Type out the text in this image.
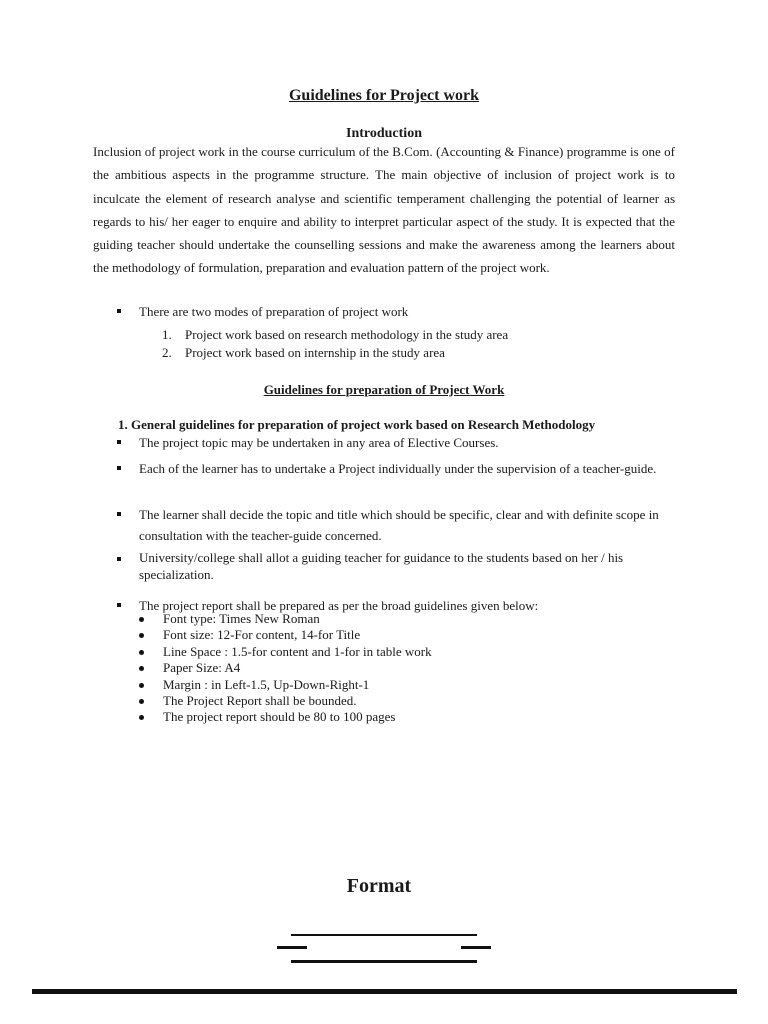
Guidelines for Project work
Introduction
Inclusion of project work in the course curriculum of the B.Com. (Accounting & Finance) programme is one of the ambitious aspects in the programme structure. The main objective of inclusion of project work is to inculcate the element of research analyse and scientific temperament challenging the potential of learner as regards to his/ her eager to enquire and ability to interpret particular aspect of the study. It is expected that the guiding teacher should undertake the counselling sessions and make the awareness among the learners about the methodology of formulation, preparation and evaluation pattern of the project work.
There are two modes of preparation of project work
1. Project work based on research methodology in the study area
2. Project work based on internship in the study area
Guidelines for preparation of Project Work
1. General guidelines for preparation of project work based on Research Methodology
The project topic may be undertaken in any area of Elective Courses.
Each of the learner has to undertake a Project individually under the supervision of a teacher-guide.
The learner shall decide the topic and title which should be specific, clear and with definite scope in consultation with the teacher-guide concerned.
University/college shall allot a guiding teacher for guidance to the students based on her / his specialization.
The project report shall be prepared as per the broad guidelines given below:
Font type: Times New Roman
Font size: 12-For content, 14-for Title
Line Space : 1.5-for content and 1-for in table work
Paper Size: A4
Margin : in Left-1.5, Up-Down-Right-1
The Project Report shall be bounded.
The project report should be 80 to 100 pages
Format
